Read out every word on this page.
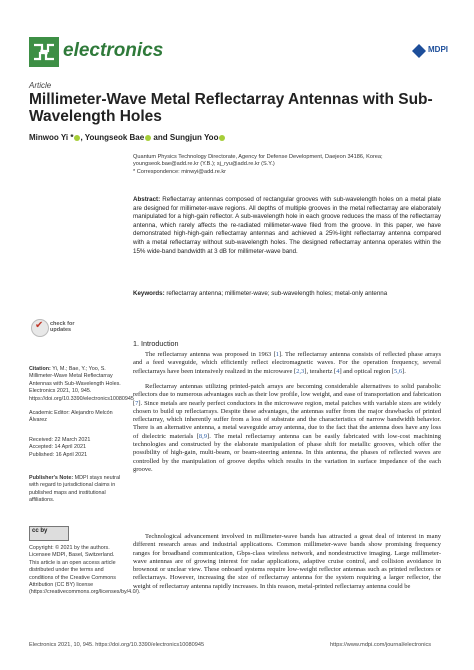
electronics	MDPI
Article
Millimeter-Wave Metal Reflectarray Antennas with Sub-Wavelength Holes
Minwoo Yi * , Youngseok Bae and Sungjun Yoo
Quantum Physics Technology Directorate, Agency for Defense Development, Daejeon 34186, Korea;
youngseok.bae@add.re.kr (Y.B.); sj_ryu@add.re.kr (S.Y.)
* Correspondence: minwyi@add.re.kr
Abstract: Reflectarray antennas composed of rectangular grooves with sub-wavelength holes on a metal plate are designed for millimeter-wave regions. All depths of multiple grooves in the metal reflectarray are elaborately manipulated for a high-gain reflector. A sub-wavelength hole in each groove reduces the mass of the reflectarray antenna, which rarely affects the re-radiated millimeter-wave filed from the groove. In this paper, we have demonstrated high-high-gain reflectarray antennas and achieved a 25%-light reflectarray antenna compared with a metal reflectarray without sub-wavelength holes. The designed reflectarray antenna operates within the 15% wide-band bandwidth at 3 dB for millimeter-wave band.
Keywords: reflectarray antenna; millimeter-wave; sub-wavelength holes; metal-only antenna
✔ check for
updates
Citation: Yi, M.; Bae, Y.; Yoo, S. Millimeter-Wave Metal Reflectarray Antennas with Sub-Wavelength Holes. Electronics 2021, 10, 945. https://doi.org/10.3390/electronics10080945
Academic Editor: Alejandro Melcón Álvarez
Received: 22 March 2021
Accepted: 14 April 2021
Published: 16 April 2021
Publisher's Note: MDPI stays neutral with regard to jurisdictional claims in published maps and institutional affiliations.
cc by
Copyright: © 2021 by the authors. Licensee MDPI, Basel, Switzerland. This article is an open access article distributed under the terms and conditions of the Creative Commons Attribution (CC BY) license (https://creativecommons.org/licenses/by/4.0/).
1. Introduction
The reflectarray antenna was proposed in 1963 [1]. The reflectarray antenna consists of reflected phase arrays and a feed waveguide, which efficiently reflect electromagnetic waves. For the operation frequency, several reflectarrays have been intensively realized in the microwave [2,3], terahertz [4] and optical region [5,6].
Reflectarray antennas utilizing printed-patch arrays are becoming considerable alternatives to solid parabolic reflectors due to numerous advantages such as their low profile, low weight, and ease of transportation and fabrication [7]. Since metals are nearly perfect conductors in the microwave region, metal patches with variable sizes are widely chosen to build up reflectarrays. Despite these advantages, the antennas suffer from the major drawbacks of printed reflectarray, which inherently suffer from a loss of substrate and the characteristics of narrow bandwidth behavior. There is an alternative antenna, a metal waveguide array antenna, due to the fact that the antenna does have any loss of dielectric materials [8,9]. The metal reflectarray antenna can be easily fabricated with low-cost machining technologies and constructed by the elaborate manipulation of phase shift for metallic grooves, which offer the possibility of high-gain, multi-beam, or beam-steering antenna. In this antenna, the phases of reflected waves are controlled by the manipulation of groove depths which results in the variation in surface impedance of the each groove.
Technological advancement involved in millimeter-wave bands has attracted a great deal of interest in many different research areas and industrial applications. Common millimeter-wave bands show promising frequency ranges for broadband communication, Gbps-class wireless network, and nondestructive imaging. Large millimeter-wave antennas are of growing interest for radar applications, adaptive cruise control, and collision avoidance in brownout or unclear view. These onboard systems require low-weight reflector antennas such as printed reflectors or reflectarrays. However, increasing the size of reflectarray antenna for the system requiring a larger reflector, the weight of reflectarray antenna rapidly increases. In this reason, metal-printed reflectarray antenna could be
Electronics 2021, 10, 945. https://doi.org/10.3390/electronics10080945	https://www.mdpi.com/journal/electronics
